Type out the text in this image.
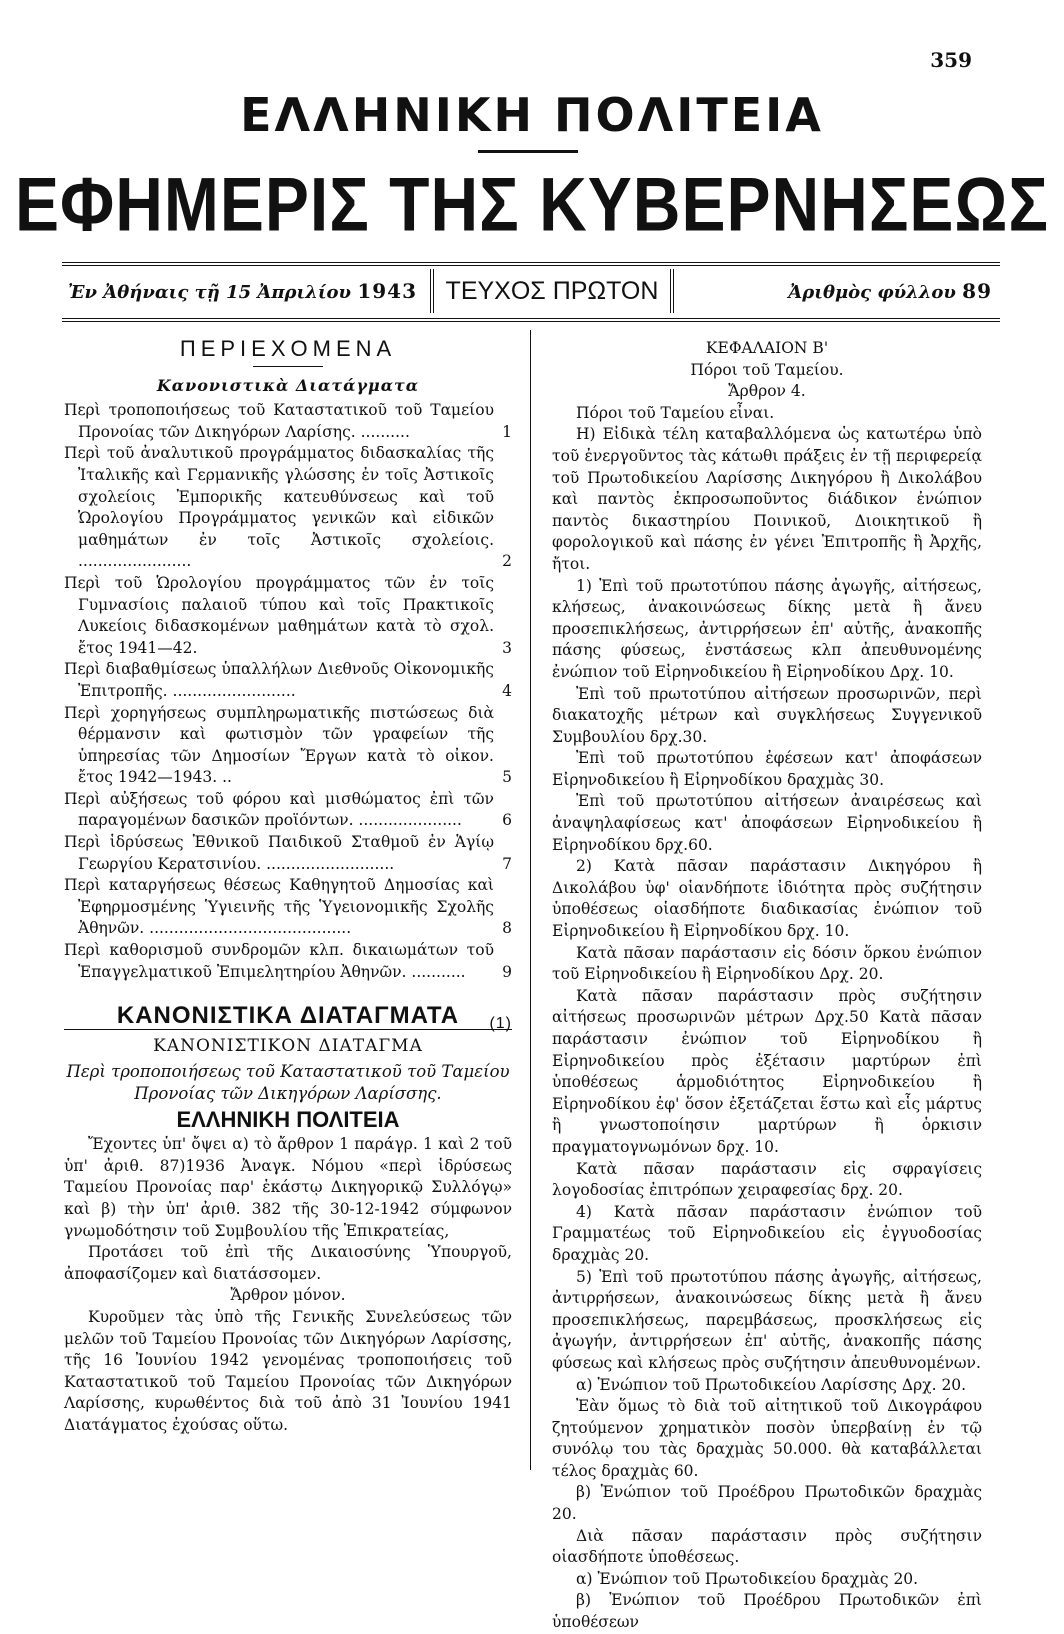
359
ΕΛΛΗΝΙΚΗ ΠΟΛΙΤΕΙΑ
ΕΦΗΜΕΡΙΣ ΤΗΣ ΚΥΒΕΡΝΗΣΕΩΣ
Ἐν Ἀθήναις τῇ 15 Ἀπριλίου 1943	ΤΕΥΧΟΣ ΠΡΩΤΟΝ	Ἀριθμὸς φύλλου 89
ΠΕΡΙΕΧΟΜΕΝΑ
Κανονιστικὰ Διατάγματα
Περὶ τροποποιήσεως τοῦ Καταστατικοῦ τοῦ Ταμείου Προνοίας τῶν Δικηγόρων Λαρίσης. ..........	1
Περὶ τοῦ ἀναλυτικοῦ προγράμματος διδασκαλίας τῆς Ἰταλικῆς καὶ Γερμανικῆς γλώσσης ἐν τοῖς Ἀστικοῖς σχολείοις Ἐμπορικῆς κατευθύνσεως καὶ τοῦ Ὡρολογίου Προγράμματος γενικῶν καὶ εἰδικῶν μαθημάτων ἐν τοῖς Ἀστικοῖς σχολείοις. .......................	2
Περὶ τοῦ Ὡρολογίου προγράμματος τῶν ἐν τοῖς Γυμνασίοις παλαιοῦ τύπου καὶ τοῖς Πρακτικοῖς Λυκείοις διδασκομένων μαθημάτων κατὰ τὸ σχολ. ἔτος 1941—42.	3
Περὶ διαβαθμίσεως ὑπαλλήλων Διεθνοῦς Οἰκονομικῆς Ἐπιτροπῆς. .........................	4
Περὶ χορηγήσεως συμπληρωματικῆς πιστώσεως διὰ θέρμανσιν καὶ φωτισμὸν τῶν γραφείων τῆς ὑπηρεσίας τῶν Δημοσίων Ἔργων κατὰ τὸ οἰκον. ἔτος 1942—1943. ..	5
Περὶ αὐξήσεως τοῦ φόρου καὶ μισθώματος ἐπὶ τῶν παραγομένων δασικῶν προϊόντων. .....................	6
Περὶ ἱδρύσεως Ἐθνικοῦ Παιδικοῦ Σταθμοῦ ἐν Ἁγίῳ Γεωργίου Κερατσινίου. ..........................	7
Περὶ καταργήσεως θέσεως Καθηγητοῦ Δημοσίας καὶ Ἐφηρμοσμένης Ὑγιεινῆς τῆς Ὑγειονομικῆς Σχολῆς Ἀθηνῶν. .........................................	8
Περὶ καθορισμοῦ συνδρομῶν κλπ. δικαιωμάτων τοῦ Ἐπαγγελματικοῦ Ἐπιμελητηρίου Ἀθηνῶν. ...........	9
ΚΑΝΟΝΙΣΤΙΚΑ ΔΙΑΤΑΓΜΑΤΑ (1)
ΚΑΝΟΝΙΣΤΙΚΟΝ ΔΙΑΤΑΓΜΑ
Περὶ τροποποιήσεως τοῦ Καταστατικοῦ τοῦ Ταμείου Προνοίας τῶν Δικηγόρων Λαρίσσης.
ΕΛΛΗΝΙΚΗ ΠΟΛΙΤΕΙΑ

Ἔχοντες ὑπ' ὄψει α) τὸ ἄρθρον 1 παράγρ. 1 καὶ 2 τοῦ ὑπ' ἀριθ. 87)1936 Ἀναγκ. Νόμου «περὶ ἱδρύσεως Ταμείου Προνοίας παρ' ἑκάστῳ Δικηγορικῷ Συλλόγῳ» καὶ β) τὴν ὑπ' ἀριθ. 382 τῆς 30-12-1942 σύμφωνον γνωμοδότησιν τοῦ Συμβουλίου τῆς Ἐπικρατείας,

Προτάσει τοῦ ἐπὶ τῆς Δικαιοσύνης Ὑπουργοῦ, ἀποφασίζομεν καὶ διατάσσομεν.

Ἄρθρον μόνον.

Κυροῦμεν τὰς ὑπὸ τῆς Γενικῆς Συνελεύσεως τῶν μελῶν τοῦ Ταμείου Προνοίας τῶν Δικηγόρων Λαρίσσης, τῆς 16 Ἰουνίου 1942 γενομένας τροποποιήσεις τοῦ Καταστατικοῦ τοῦ Ταμείου Προνοίας τῶν Δικηγόρων Λαρίσσης, κυρωθέντος διὰ τοῦ ἀπὸ 31 Ἰουνίου 1941 Διατάγματος ἐχούσας οὕτω.

ΚΕΦΑΛΑΙΟΝ Β'

Πόροι τοῦ Ταμείου.

Ἄρθρον 4.

Πόροι τοῦ Ταμείου εἶναι.

Η) Εἰδικὰ τέλη καταβαλλόμενα ὡς κατωτέρω ὑπὸ τοῦ ἐνεργοῦντος τὰς κάτωθι πράξεις ἐν τῇ περιφερείᾳ τοῦ Πρωτοδικείου Λαρίσσης Δικηγόρου ἢ Δικολάβου καὶ παντὸς ἐκπροσωποῦντος διάδικον ἐνώπιον παντὸς δικαστηρίου Ποινικοῦ, Διοικητικοῦ ἢ φορολογικοῦ καὶ πάσης ἐν γένει Ἐπιτροπῆς ἢ Ἀρχῆς, ἤτοι.

1) Ἐπὶ τοῦ πρωτοτύπου πάσης ἀγωγῆς, αἰτήσεως, κλήσεως, ἀνακοινώσεως δίκης μετὰ ἢ ἄνευ προσεπικλήσεως, ἀντιρρήσεων ἐπ' αὐτῆς, ἀνακοπῆς πάσης φύσεως, ἐνστάσεως κλπ ἀπευθυνομένης ἐνώπιον τοῦ Εἰρηνοδικείου ἢ Εἰρηνοδίκου Δρχ. 10.

Ἐπὶ τοῦ πρωτοτύπου αἰτήσεων προσωρινῶν, περὶ διακατοχῆς μέτρων καὶ συγκλήσεως Συγγενικοῦ Συμβουλίου δρχ.30.

Ἐπὶ τοῦ πρωτοτύπου ἐφέσεων κατ' ἀποφάσεων Εἰρηνοδικείου ἢ Εἰρηνοδίκου δραχμὰς 30.

Ἐπὶ τοῦ πρωτοτύπου αἰτήσεων ἀναιρέσεως καὶ ἀναψηλαφίσεως κατ' ἀποφάσεων Εἰρηνοδικείου ἢ Εἰρηνοδίκου δρχ.60.

2) Κατὰ πᾶσαν παράστασιν Δικηγόρου ἢ Δικολάβου ὑφ' οἱανδήποτε ἰδιότητα πρὸς συζήτησιν ὑποθέσεως οἱασδήποτε διαδικασίας ἐνώπιον τοῦ Εἰρηνοδικείου ἢ Εἰρηνοδίκου δρχ. 10.

Κατὰ πᾶσαν παράστασιν εἰς δόσιν ὅρκου ἐνώπιον τοῦ Εἰρηνοδικείου ἢ Εἰρηνοδίκου Δρχ. 20.

Κατὰ πᾶσαν παράστασιν πρὸς συζήτησιν αἰτήσεως προσωρινῶν μέτρων Δρχ.50 Κατὰ πᾶσαν παράστασιν ἐνώπιον τοῦ Εἰρηνοδίκου ἢ Εἰρηνοδικείου πρὸς ἐξέτασιν μαρτύρων ἐπὶ ὑποθέσεως ἁρμοδιότητος Εἰρηνοδικείου ἢ Εἰρηνοδίκου ἐφ' ὅσον ἐξετάζεται ἕστω καὶ εἷς μάρτυς ἢ γνωστοποίησιν μαρτύρων ἢ ὁρκισιν πραγματογνωμόνων δρχ. 10.

Κατὰ πᾶσαν παράστασιν εἰς σφραγίσεις λογοδοσίας ἐπιτρόπων χειραφεσίας δρχ. 20.

4) Κατὰ πᾶσαν παράστασιν ἐνώπιον τοῦ Γραμματέως τοῦ Εἰρηνοδικείου εἰς ἐγγυοδοσίας δραχμὰς 20.

5) Ἐπὶ τοῦ πρωτοτύπου πάσης ἀγωγῆς, αἰτήσεως, ἀντιρρήσεων, ἀνακοινώσεως δίκης μετὰ ἢ ἄνευ προσεπικλήσεως, παρεμβάσεως, προσκλήσεως εἰς ἀγωγήν, ἀντιρρήσεων ἐπ' αὐτῆς, ἀνακοπῆς πάσης φύσεως καὶ κλήσεως πρὸς συζήτησιν ἀπευθυνομένων.

α) Ἐνώπιον τοῦ Πρωτοδικείου Λαρίσσης Δρχ. 20.

Ἐὰν ὅμως τὸ διὰ τοῦ αἰτητικοῦ τοῦ Δικογράφου ζητούμενον χρηματικὸν ποσὸν ὑπερβαίνῃ ἐν τῷ συνόλῳ του τὰς δραχμὰς 50.000. θὰ καταβάλλεται τέλος δραχμὰς 60.

β) Ἐνώπιον τοῦ Προέδρου Πρωτοδικῶν δραχμὰς 20.

Διὰ πᾶσαν παράστασιν πρὸς συζήτησιν οἱασδήποτε ὑποθέσεως.

α) Ἐνώπιον τοῦ Πρωτοδικείου δραχμὰς 20.

β) Ἐνώπιον τοῦ Προέδρου Πρωτοδικῶν ἐπὶ ὑποθέσεων
